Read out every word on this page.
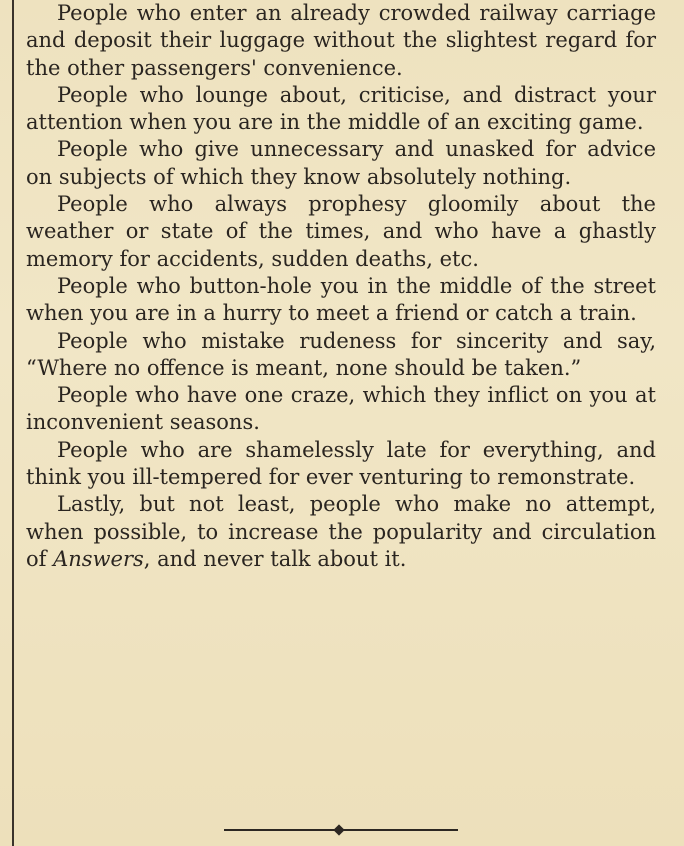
People who enter an already crowded railway carriage and deposit their luggage without the slightest regard for the other passengers' convenience.

People who lounge about, criticise, and distract your attention when you are in the middle of an exciting game.

People who give unnecessary and unasked for advice on subjects of which they know absolutely nothing.

People who always prophesy gloomily about the weather or state of the times, and who have a ghastly memory for accidents, sudden deaths, etc.

People who button-hole you in the middle of the street when you are in a hurry to meet a friend or catch a train.

People who mistake rudeness for sincerity and say, “Where no offence is meant, none should be taken.”

People who have one craze, which they inflict on you at inconvenient seasons.

People who are shamelessly late for everything, and think you ill-tempered for ever venturing to remonstrate.

Lastly, but not least, people who make no attempt, when possible, to increase the popularity and circulation of Answers, and never talk about it.
